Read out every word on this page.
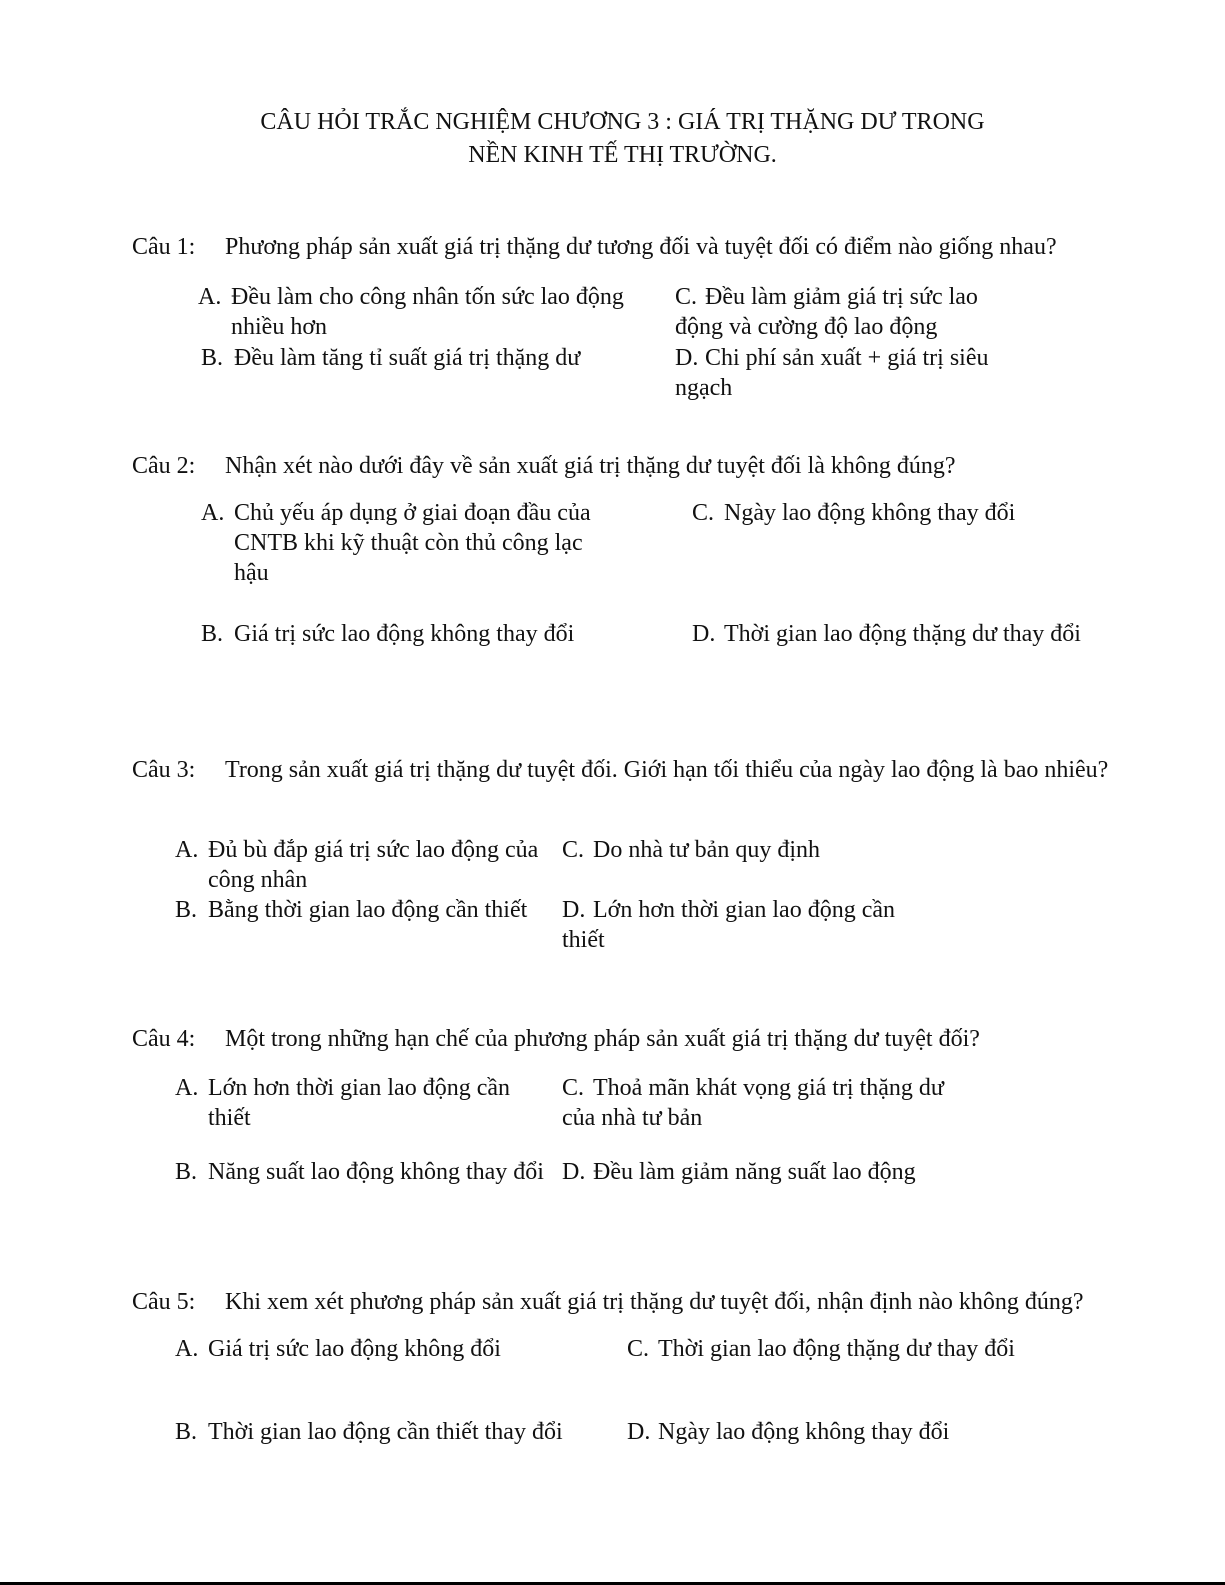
CÂU HỎI TRẮC NGHIỆM CHƯƠNG 3 : GIÁ TRỊ THẶNG DƯ TRONG
NỀN KINH TẾ THỊ TRƯỜNG.
Câu 1: Phương pháp sản xuất giá trị thặng dư tương đối và tuyệt đối có điểm nào giống nhau?
A. Đều làm cho công nhân tốn sức lao động nhiều hơn
B. Đều làm tăng tỉ suất giá trị thặng dư
Đều làm giảm giá trị sức lao động và cường độ lao động
C.
Chi phí sản xuất + giá trị siêu ngạch
D.
Câu 2: Nhận xét nào dưới đây về sản xuất giá trị thặng dư tuyệt đối là không đúng?
A. Chủ yếu áp dụng ở giai đoạn đầu của CNTB khi kỹ thuật còn thủ công lạc hậu
B. Giá trị sức lao động không thay đổi
Ngày lao động không thay đổi
C.
Thời gian lao động thặng dư thay đổi
D.
Câu 3: Trong sản xuất giá trị thặng dư tuyệt đối. Giới hạn tối thiểu của ngày lao động là bao nhiêu?
A. Đủ bù đắp giá trị sức lao động của công nhân
B. Bằng thời gian lao động cần thiết
Do nhà tư bản quy định
C.
Lớn hơn thời gian lao động cần thiết
D.
Câu 4: Một trong những hạn chế của phương pháp sản xuất giá trị thặng dư tuyệt đối?
A. Lớn hơn thời gian lao động cần thiết
B. Năng suất lao động không thay đổi
Thoả mãn khát vọng giá trị thặng dư của nhà tư bản
C.
Đều làm giảm năng suất lao động
D.
Câu 5: Khi xem xét phương pháp sản xuất giá trị thặng dư tuyệt đối, nhận định nào không đúng?
A. Giá trị sức lao động không đổi
B. Thời gian lao động cần thiết thay đổi
Thời gian lao động thặng dư thay đổi
C.
Ngày lao động không thay đổi
D.
